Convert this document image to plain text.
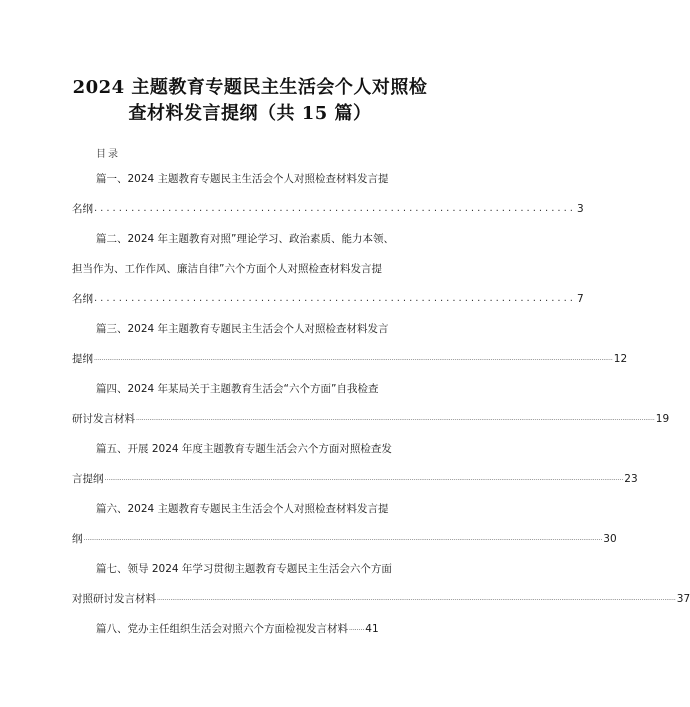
2024 主题教育专题民主生活会个人对照检
查材料发言提纲（共 15 篇）
目录
篇一、2024 主题教育专题民主生活会个人对照检查材料发言提
名纲 .............................................................................. 3
篇二、2024 年主题教育对照”理论学习、政治素质、能力本领、
担当作为、工作作风、廉洁自律”六个方面个人对照检查材料发言提
名纲 .............................................................................. 7
篇三、2024 年主题教育专题民主生活会个人对照检查材料发言
提纲 ................................................................................................................................................................................................................................................................................ 12
篇四、2024 年某局关于主题教育生活会“六个方面”自我检查
研讨发言材料 ................................................................................................................................................................................................................................................................................ 19
篇五、开展 2024 年度主题教育专题生活会六个方面对照检查发
言提纲 ................................................................................................................................................................................................................................................................................ 23
篇六、2024 主题教育专题民主生活会个人对照检查材料发言提
纲 ................................................................................................................................................................................................................................................................................ 30
篇七、领导 2024 年学习贯彻主题教育专题民主生活会六个方面
对照研讨发言材料 ................................................................................................................................................................................................................................................................................ 37
篇八、党办主任组织生活会对照六个方面检视发言材料 ........ 41
